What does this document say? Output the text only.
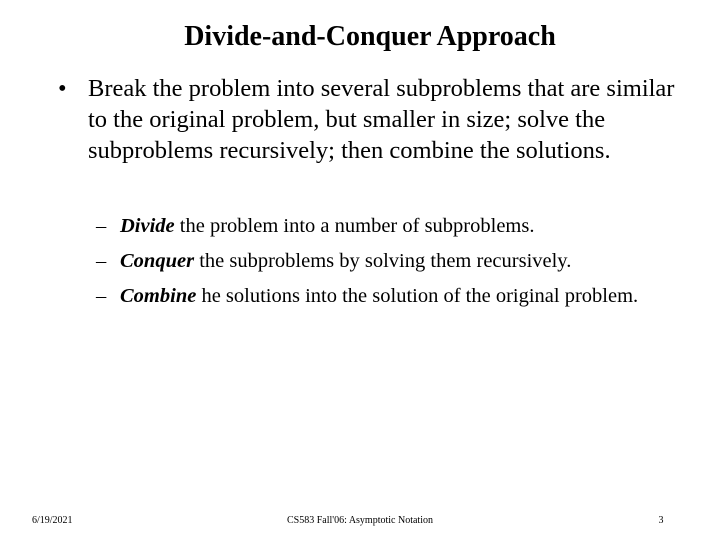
Divide-and-Conquer Approach
• Break the problem into several subproblems that are similar to the original problem, but smaller in size; solve the subproblems recursively; then combine the solutions.
– Divide the problem into a number of subproblems.
– Conquer the subproblems by solving them recursively.
– Combine he solutions into the solution of the original problem.
6/19/2021	CS583 Fall'06: Asymptotic Notation	3
